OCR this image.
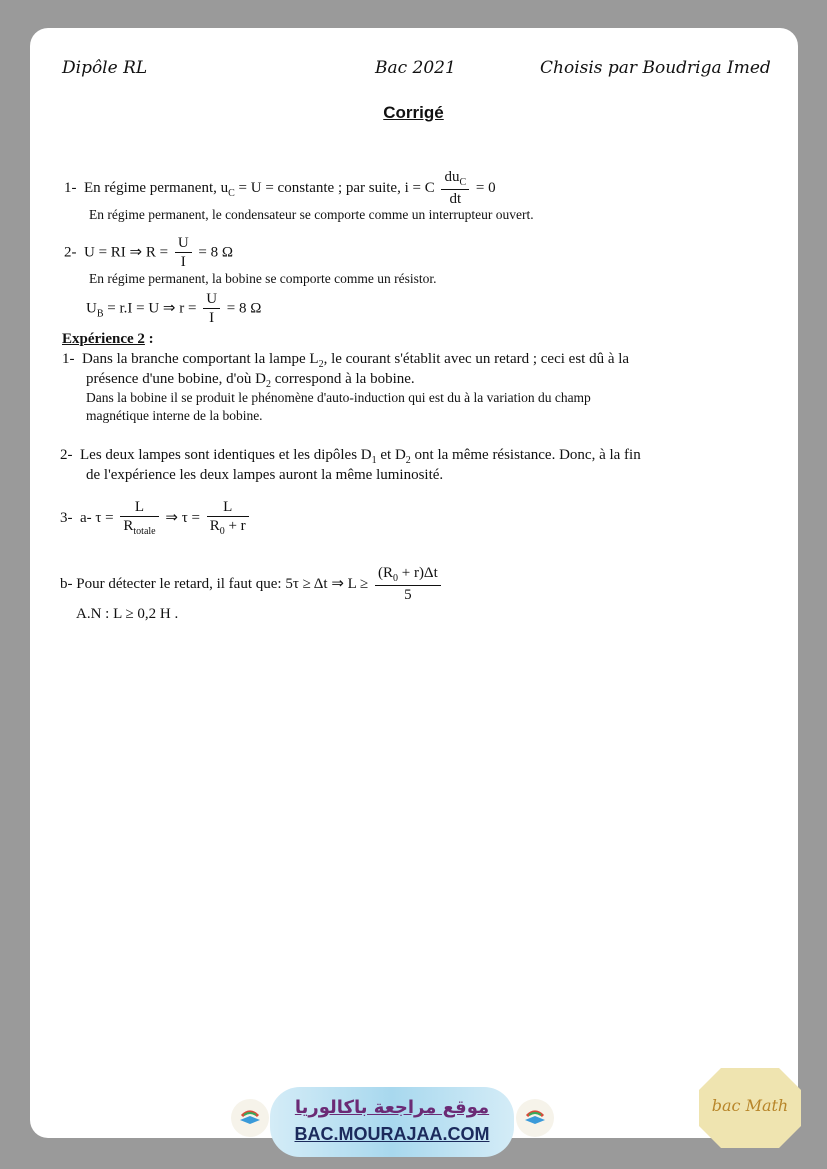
Dipôle RL	Bac 2021	Choisis par Boudriga Imed
Corrigé
1- En régime permanent, $u_C = U$ = constante ; par suite, i = C $\frac{du_C}{dt} = 0$
En régime permanent, le condensateur se comporte comme un interrupteur ouvert.
2- U = RI ⇒ $R = \frac{U}{I} = 8$ Ω
En régime permanent, la bobine se comporte comme un résistor.
$U_B = r.I = U$ ⇒ $r = \frac{U}{I} = 8$ Ω
Expérience 2 :
1- Dans la branche comportant la lampe $L_2$, le courant s'établit avec un retard ; ceci est dû à la
présence d'une bobine, d'où $D_2$ correspond à la bobine.
Dans la bobine il se produit le phénomène d'auto-induction qui est du à la variation du champ
magnétique interne de la bobine.
2- Les deux lampes sont identiques et les dipôles $D_1$ et $D_2$ ont la même résistance. Donc, à la fin
de l'expérience les deux lampes auront la même luminosité.
3- a- $\tau = \frac{L}{R_{totale}}$ ⇒ $\tau = \frac{L}{R_0 + r}$
b- Pour détecter le retard, il faut que: 5τ ≥ Δt ⇒ $L \ge \frac{(R_0 + r)\Delta t}{5}$
A.N : L ≥ 0,2 H .
موقع مراجعة باكالوريا
BAC.MOURAJAA.COM
bac Math
